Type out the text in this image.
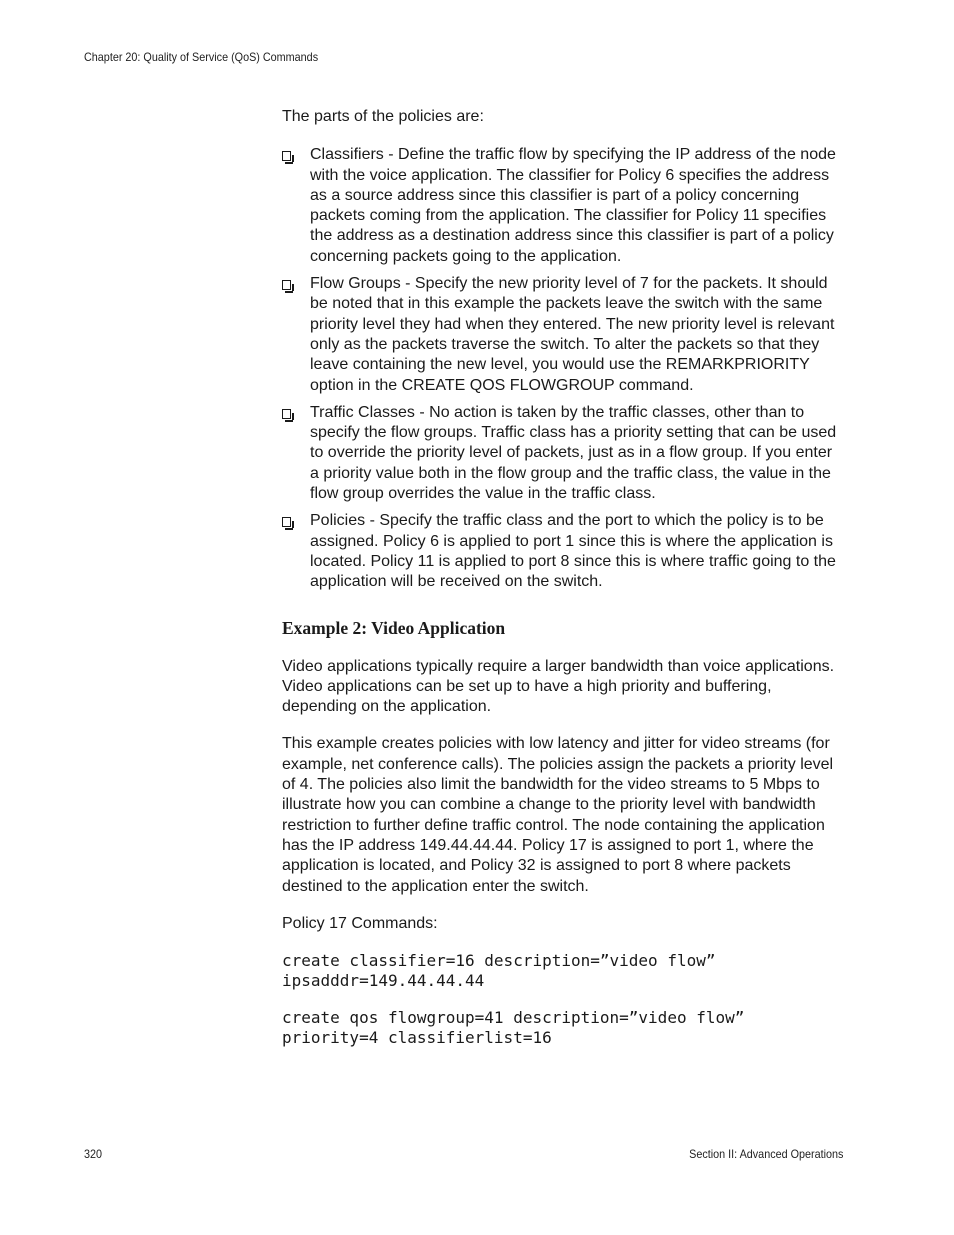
Chapter 20: Quality of Service (QoS) Commands

The parts of the policies are:

Classifiers - Define the traffic flow by specifying the IP address of the node with the voice application. The classifier for Policy 6 specifies the address as a source address since this classifier is part of a policy concerning packets coming from the application. The classifier for Policy 11 specifies the address as a destination address since this classifier is part of a policy concerning packets going to the application.
Flow Groups - Specify the new priority level of 7 for the packets. It should be noted that in this example the packets leave the switch with the same priority level they had when they entered. The new priority level is relevant only as the packets traverse the switch. To alter the packets so that they leave containing the new level, you would use the REMARKPRIORITY option in the CREATE QOS FLOWGROUP command.
Traffic Classes - No action is taken by the traffic classes, other than to specify the flow groups. Traffic class has a priority setting that can be used to override the priority level of packets, just as in a flow group. If you enter a priority value both in the flow group and the traffic class, the value in the flow group overrides the value in the traffic class.
Policies - Specify the traffic class and the port to which the policy is to be assigned. Policy 6 is applied to port 1 since this is where the application is located. Policy 11 is applied to port 8 since this is where traffic going to the application will be received on the switch.
Example 2: Video Application

Video applications typically require a larger bandwidth than voice applications. Video applications can be set up to have a high priority and buffering, depending on the application.

This example creates policies with low latency and jitter for video streams (for example, net conference calls). The policies assign the packets a priority level of 4. The policies also limit the bandwidth for the video streams to 5 Mbps to illustrate how you can combine a change to the priority level with bandwidth restriction to further define traffic control. The node containing the application has the IP address 149.44.44.44. Policy 17 is assigned to port 1, where the application is located, and Policy 32 is assigned to port 8 where packets destined to the application enter the switch.

Policy 17 Commands:

create classifier=16 description=”video flow”
ipsadddr=149.44.44.44
create qos flowgroup=41 description=”video flow”
priority=4 classifierlist=16
320	Section II: Advanced Operations
